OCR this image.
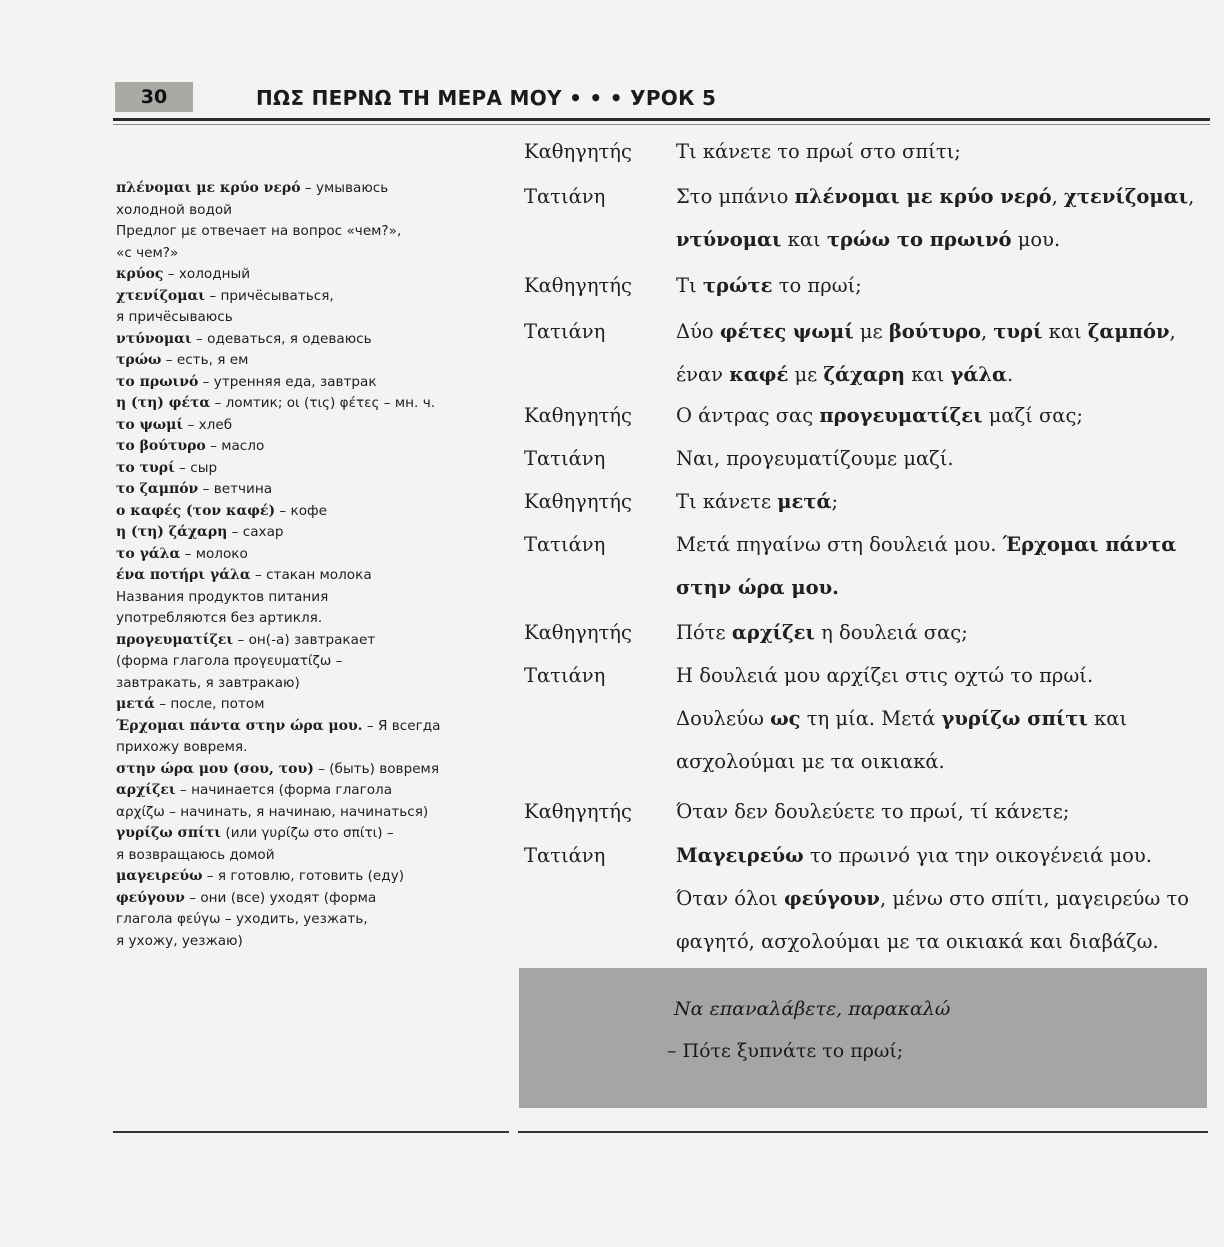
30	ΠΩΣ ΠΕΡΝΩ ΤΗ ΜΕΡΑ ΜΟΥ • • • УРОК 5
πλένομαι με κρύο νερό – умываюсь
холодной водой
Предлог με отвечает на вопрос «чем?»,
«с чем?»
κρύος – холодный
χτενίζομαι – причёсываться,
я причёсываюсь
ντύνομαι – одеваться, я одеваюсь
τρώω – есть, я ем
το πρωινό – утренняя еда, завтрак
η (τη) φέτα – ломтик; οι (τις) φέτες – мн. ч.
το ψωμί – хлеб
το βούτυρο – масло
το τυρί – сыр
το ζαμπόν – ветчина
ο καφές (τον καφέ) – кофе
η (τη) ζάχαρη – сахар
το γάλα – молоко
ένα ποτήρι γάλα – стакан молока
Названия продуктов питания
употребляются без артикля.
προγευματίζει – он(-а) завтракает
(форма глагола προγευματίζω –
завтракать, я завтракаю)
μετά – после, потом
Έρχομαι πάντα στην ώρα μου. – Я всегда
прихожу вовремя.
στην ώρα μου (σου, του) – (быть) вовремя
αρχίζει – начинается (форма глагола
αρχίζω – начинать, я начинаю, начинаться)
γυρίζω σπίτι (или γυρίζω στο σπίτι) –
я возвращаюсь домой
μαγειρεύω – я готовлю, готовить (еду)
φεύγουν – они (все) уходят (форма
глагола φεύγω – уходить, уезжать,
я ухожу, уезжаю)
Καθηγητής	Τι κάνετε το πρωί στο σπίτι;
Τατιάνη	Στο μπάνιο πλένομαι με κρύο νερό, χτενίζομαι,
ντύνομαι και τρώω το πρωινό μου.
Καθηγητής	Τι τρώτε το πρωί;
Τατιάνη	Δύο φέτες ψωμί με βούτυρο, τυρί και ζαμπόν,
έναν καφέ με ζάχαρη και γάλα.
Καθηγητής	Ο άντρας σας προγευματίζει μαζί σας;
Τατιάνη	Ναι, προγευματίζουμε μαζί.
Καθηγητής	Τι κάνετε μετά;
Τατιάνη	Μετά πηγαίνω στη δουλειά μου. Έρχομαι πάντα
στην ώρα μου.
Καθηγητής	Πότε αρχίζει η δουλειά σας;
Τατιάνη	Η δουλειά μου αρχίζει στις οχτώ το πρωί.
Δουλεύω ως τη μία. Μετά γυρίζω σπίτι και
ασχολούμαι με τα οικιακά.
Καθηγητής	Όταν δεν δουλεύετε το πρωί, τί κάνετε;
Τατιάνη	Μαγειρεύω το πρωινό για την οικογένειά μου.
Όταν όλοι φεύγουν, μένω στο σπίτι, μαγειρεύω το
φαγητό, ασχολούμαι με τα οικιακά και διαβάζω.
Να επαναλάβετε, παρακαλώ
– Πότε ξυπνάτε το πρωί;
